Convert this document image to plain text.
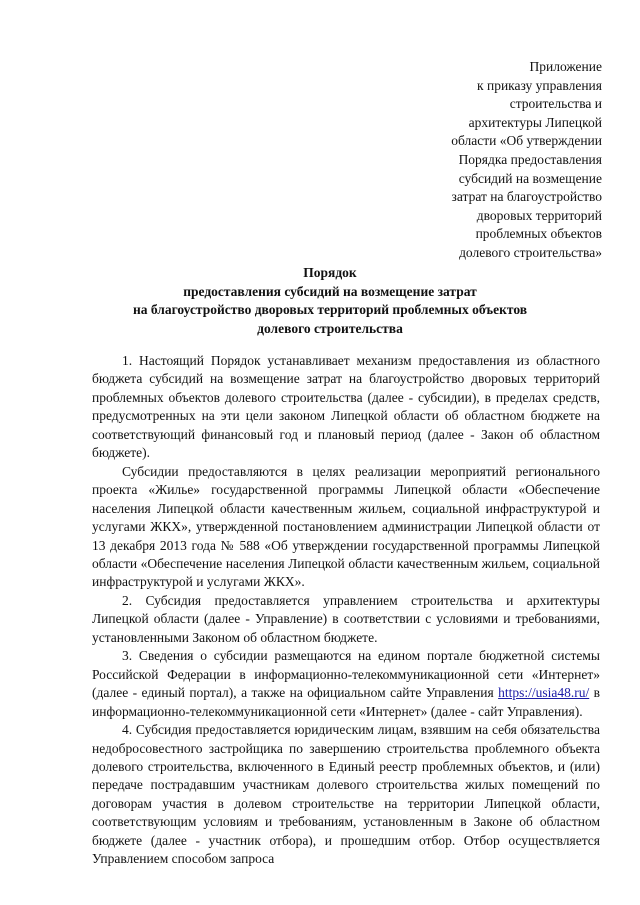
Приложение
к приказу управления
строительства и
архитектуры Липецкой
области «Об утверждении
Порядка предоставления
субсидий на возмещение
затрат на благоустройство
дворовых территорий
проблемных объектов
долевого строительства»
Порядок
предоставления субсидий на возмещение затрат
на благоустройство дворовых территорий проблемных объектов
долевого строительства

1. Настоящий Порядок устанавливает механизм предоставления из областного бюджета субсидий на возмещение затрат на благоустройство дворовых территорий проблемных объектов долевого строительства (далее - субсидии), в пределах средств, предусмотренных на эти цели законом Липецкой области об областном бюджете на соответствующий финансовый год и плановый период (далее - Закон об областном бюджете).

Субсидии предоставляются в целях реализации мероприятий регионального проекта «Жилье» государственной программы Липецкой области «Обеспечение населения Липецкой области качественным жильем, социальной инфраструктурой и услугами ЖКХ», утвержденной постановлением администрации Липецкой области от 13 декабря 2013 года № 588 «Об утверждении государственной программы Липецкой области «Обеспечение населения Липецкой области качественным жильем, социальной инфраструктурой и услугами ЖКХ».

2. Субсидия предоставляется управлением строительства и архитектуры Липецкой области (далее - Управление) в соответствии с условиями и требованиями, установленными Законом об областном бюджете.

3. Сведения о субсидии размещаются на едином портале бюджетной системы Российской Федерации в информационно-телекоммуникационной сети «Интернет» (далее - единый портал), а также на официальном сайте Управления https://usia48.ru/ в информационно-телекоммуникационной сети «Интернет» (далее - сайт Управления).

4. Субсидия предоставляется юридическим лицам, взявшим на себя обязательства недобросовестного застройщика по завершению строительства проблемного объекта долевого строительства, включенного в Единый реестр проблемных объектов, и (или) передаче пострадавшим участникам долевого строительства жилых помещений по договорам участия в долевом строительстве на территории Липецкой области, соответствующим условиям и требованиям, установленным в Законе об областном бюджете (далее - участник отбора), и прошедшим отбор. Отбор осуществляется Управлением способом запроса
